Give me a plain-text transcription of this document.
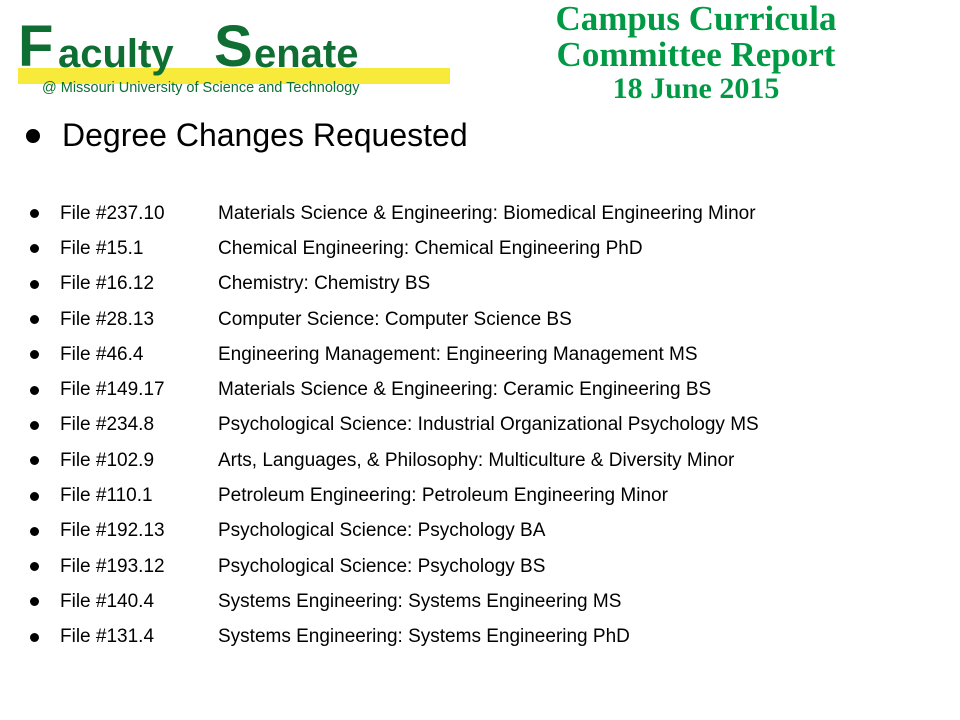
F aculty S enate
@ Missouri University of Science and Technology
Campus Curricula
Committee Report
18 June 2015
Degree Changes Requested
File #237.10	Materials Science & Engineering: Biomedical Engineering Minor
File #15.1	Chemical Engineering: Chemical Engineering PhD
File #16.12	Chemistry: Chemistry BS
File #28.13	Computer Science: Computer Science BS
File #46.4	Engineering Management: Engineering Management MS
File #149.17	Materials Science & Engineering: Ceramic Engineering BS
File #234.8	Psychological Science: Industrial Organizational Psychology MS
File #102.9	Arts, Languages, & Philosophy: Multiculture & Diversity Minor
File #110.1	Petroleum Engineering: Petroleum Engineering Minor
File #192.13	Psychological Science: Psychology BA
File #193.12	Psychological Science: Psychology BS
File #140.4	Systems Engineering: Systems Engineering MS
File #131.4	Systems Engineering: Systems Engineering PhD
